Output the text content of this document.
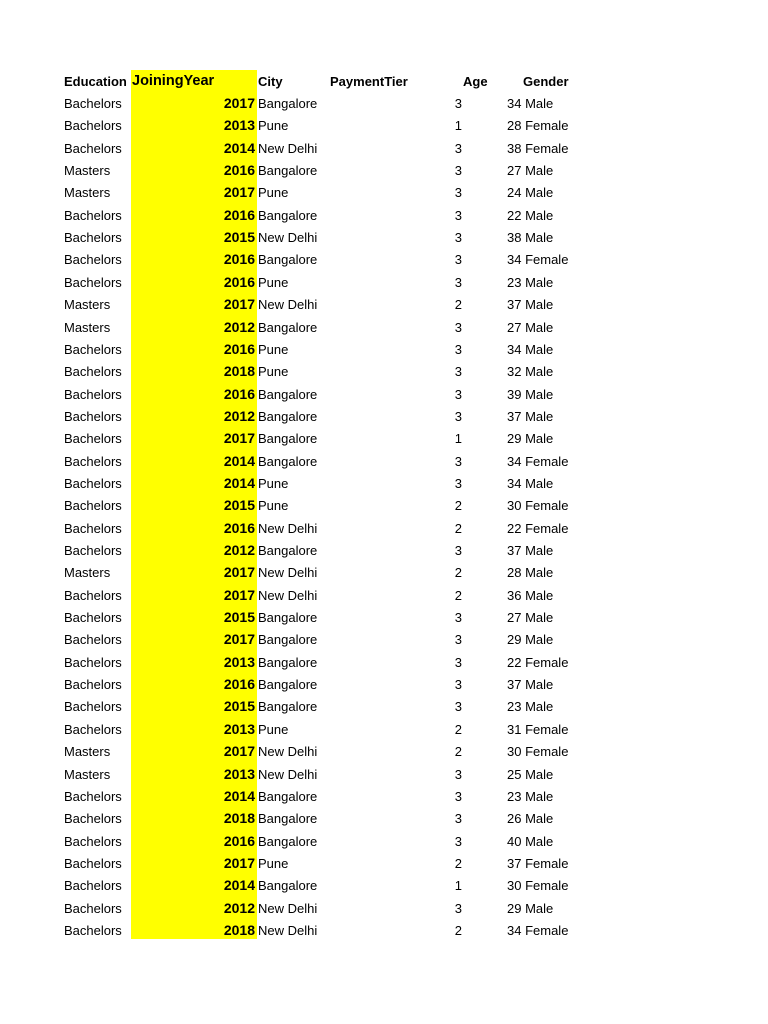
Education JoiningYear	City	PaymentTier	Age	Gender
Bachelors	2017 Bangalore	3	34 Male
Bachelors	2013 Pune	1	28 Female
Bachelors	2014 New Delhi	3	38 Female
Masters	2016 Bangalore	3	27 Male
Masters	2017 Pune	3	24 Male
Bachelors	2016 Bangalore	3	22 Male
Bachelors	2015 New Delhi	3	38 Male
Bachelors	2016 Bangalore	3	34 Female
Bachelors	2016 Pune	3	23 Male
Masters	2017 New Delhi	2	37 Male
Masters	2012 Bangalore	3	27 Male
Bachelors	2016 Pune	3	34 Male
Bachelors	2018 Pune	3	32 Male
Bachelors	2016 Bangalore	3	39 Male
Bachelors	2012 Bangalore	3	37 Male
Bachelors	2017 Bangalore	1	29 Male
Bachelors	2014 Bangalore	3	34 Female
Bachelors	2014 Pune	3	34 Male
Bachelors	2015 Pune	2	30 Female
Bachelors	2016 New Delhi	2	22 Female
Bachelors	2012 Bangalore	3	37 Male
Masters	2017 New Delhi	2	28 Male
Bachelors	2017 New Delhi	2	36 Male
Bachelors	2015 Bangalore	3	27 Male
Bachelors	2017 Bangalore	3	29 Male
Bachelors	2013 Bangalore	3	22 Female
Bachelors	2016 Bangalore	3	37 Male
Bachelors	2015 Bangalore	3	23 Male
Bachelors	2013 Pune	2	31 Female
Masters	2017 New Delhi	2	30 Female
Masters	2013 New Delhi	3	25 Male
Bachelors	2014 Bangalore	3	23 Male
Bachelors	2018 Bangalore	3	26 Male
Bachelors	2016 Bangalore	3	40 Male
Bachelors	2017 Pune	2	37 Female
Bachelors	2014 Bangalore	1	30 Female
Bachelors	2012 New Delhi	3	29 Male
Bachelors	2018 New Delhi	2	34 Female
